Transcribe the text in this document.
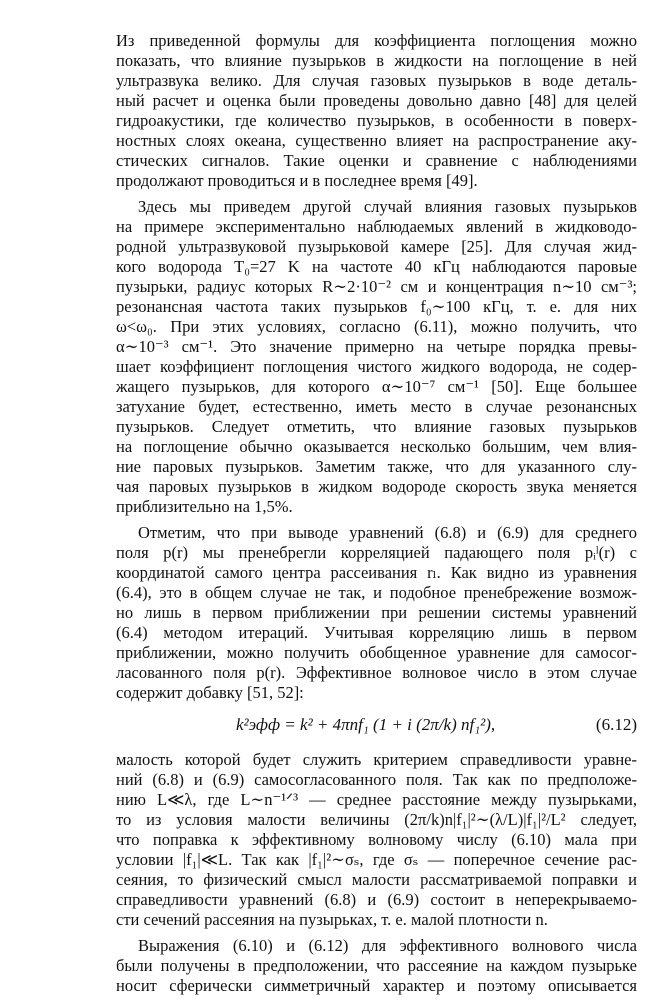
Из приведенной формулы для коэффициента поглощения можно

показать, что влияние пузырьков в жидкости на поглощение в ней

ультразвука велико. Для случая газовых пузырьков в воде деталь-

ный расчет и оценка были проведены довольно давно [48] для целей

гидроакустики, где количество пузырьков, в особенности в поверх-

ностных слоях океана, существенно влияет на распространение аку-

стических сигналов. Такие оценки и сравнение с наблюдениями

продолжают проводиться и в последнее время [49].

Здесь мы приведем другой случай влияния газовых пузырьков

на примере экспериментально наблюдаемых явлений в жидководо-

родной ультразвуковой пузырьковой камере [25]. Для случая жид-

кого водорода T₀=27 K на частоте 40 кГц наблюдаются паровые

пузырьки, радиус которых R∼2·10⁻² см и концентрация n∼10 см⁻³;

резонансная частота таких пузырьков f₀∼100 кГц, т. е. для них

ω<ω₀. При этих условиях, согласно (6.11), можно получить, что

α∼10⁻³ см⁻¹. Это значение примерно на четыре порядка превы-

шает коэффициент поглощения чистого жидкого водорода, не содер-

жащего пузырьков, для которого α∼10⁻⁷ см⁻¹ [50]. Еще большее

затухание будет, естественно, иметь место в случае резонансных

пузырьков. Следует отметить, что влияние газовых пузырьков

на поглощение обычно оказывается несколько большим, чем влия-

ние паровых пузырьков. Заметим также, что для указанного слу-

чая паровых пузырьков в жидком водороде скорость звука меняется

приблизительно на 1,5%.

Отметим, что при выводе уравнений (6.8) и (6.9) для среднего

поля p(r) мы пренебрегли корреляцией падающего поля pᵢˡ(r) с

координатой самого центра рассеивания rₗ. Как видно из уравнения

(6.4), это в общем случае не так, и подобное пренебрежение возмож-

но лишь в первом приближении при решении системы уравнений

(6.4) методом итераций. Учитывая корреляцию лишь в первом

приближении, можно получить обобщенное уравнение для самосог-

ласованного поля p(r). Эффективное волновое число в этом случае

содержит добавку [51, 52]:

k²эфф = k² + 4πnf₁ (1 + i (2π/k) nf₁²),	(6.12)

малость которой будет служить критерием справедливости уравне-

ний (6.8) и (6.9) самосогласованного поля. Так как по предположе-

нию L≪λ, где L∼n⁻¹ᐟ³ — среднее расстояние между пузырьками,

то из условия малости величины (2π/k)n|f₁|²∼(λ/L)|f₁|²/L² следует,

что поправка к эффективному волновому числу (6.10) мала при

условии |f₁|≪L. Так как |f₁|²∼σₛ, где σₛ — поперечное сечение рас-

сеяния, то физический смысл малости рассматриваемой поправки и

справедливости уравнений (6.8) и (6.9) состоит в неперекрываемо-

сти сечений рассеяния на пузырьках, т. е. малой плотности n.

Выражения (6.10) и (6.12) для эффективного волнового числа

были получены в предположении, что рассеяние на каждом пузырьке

носит сферически симметричный характер и поэтому описывается
